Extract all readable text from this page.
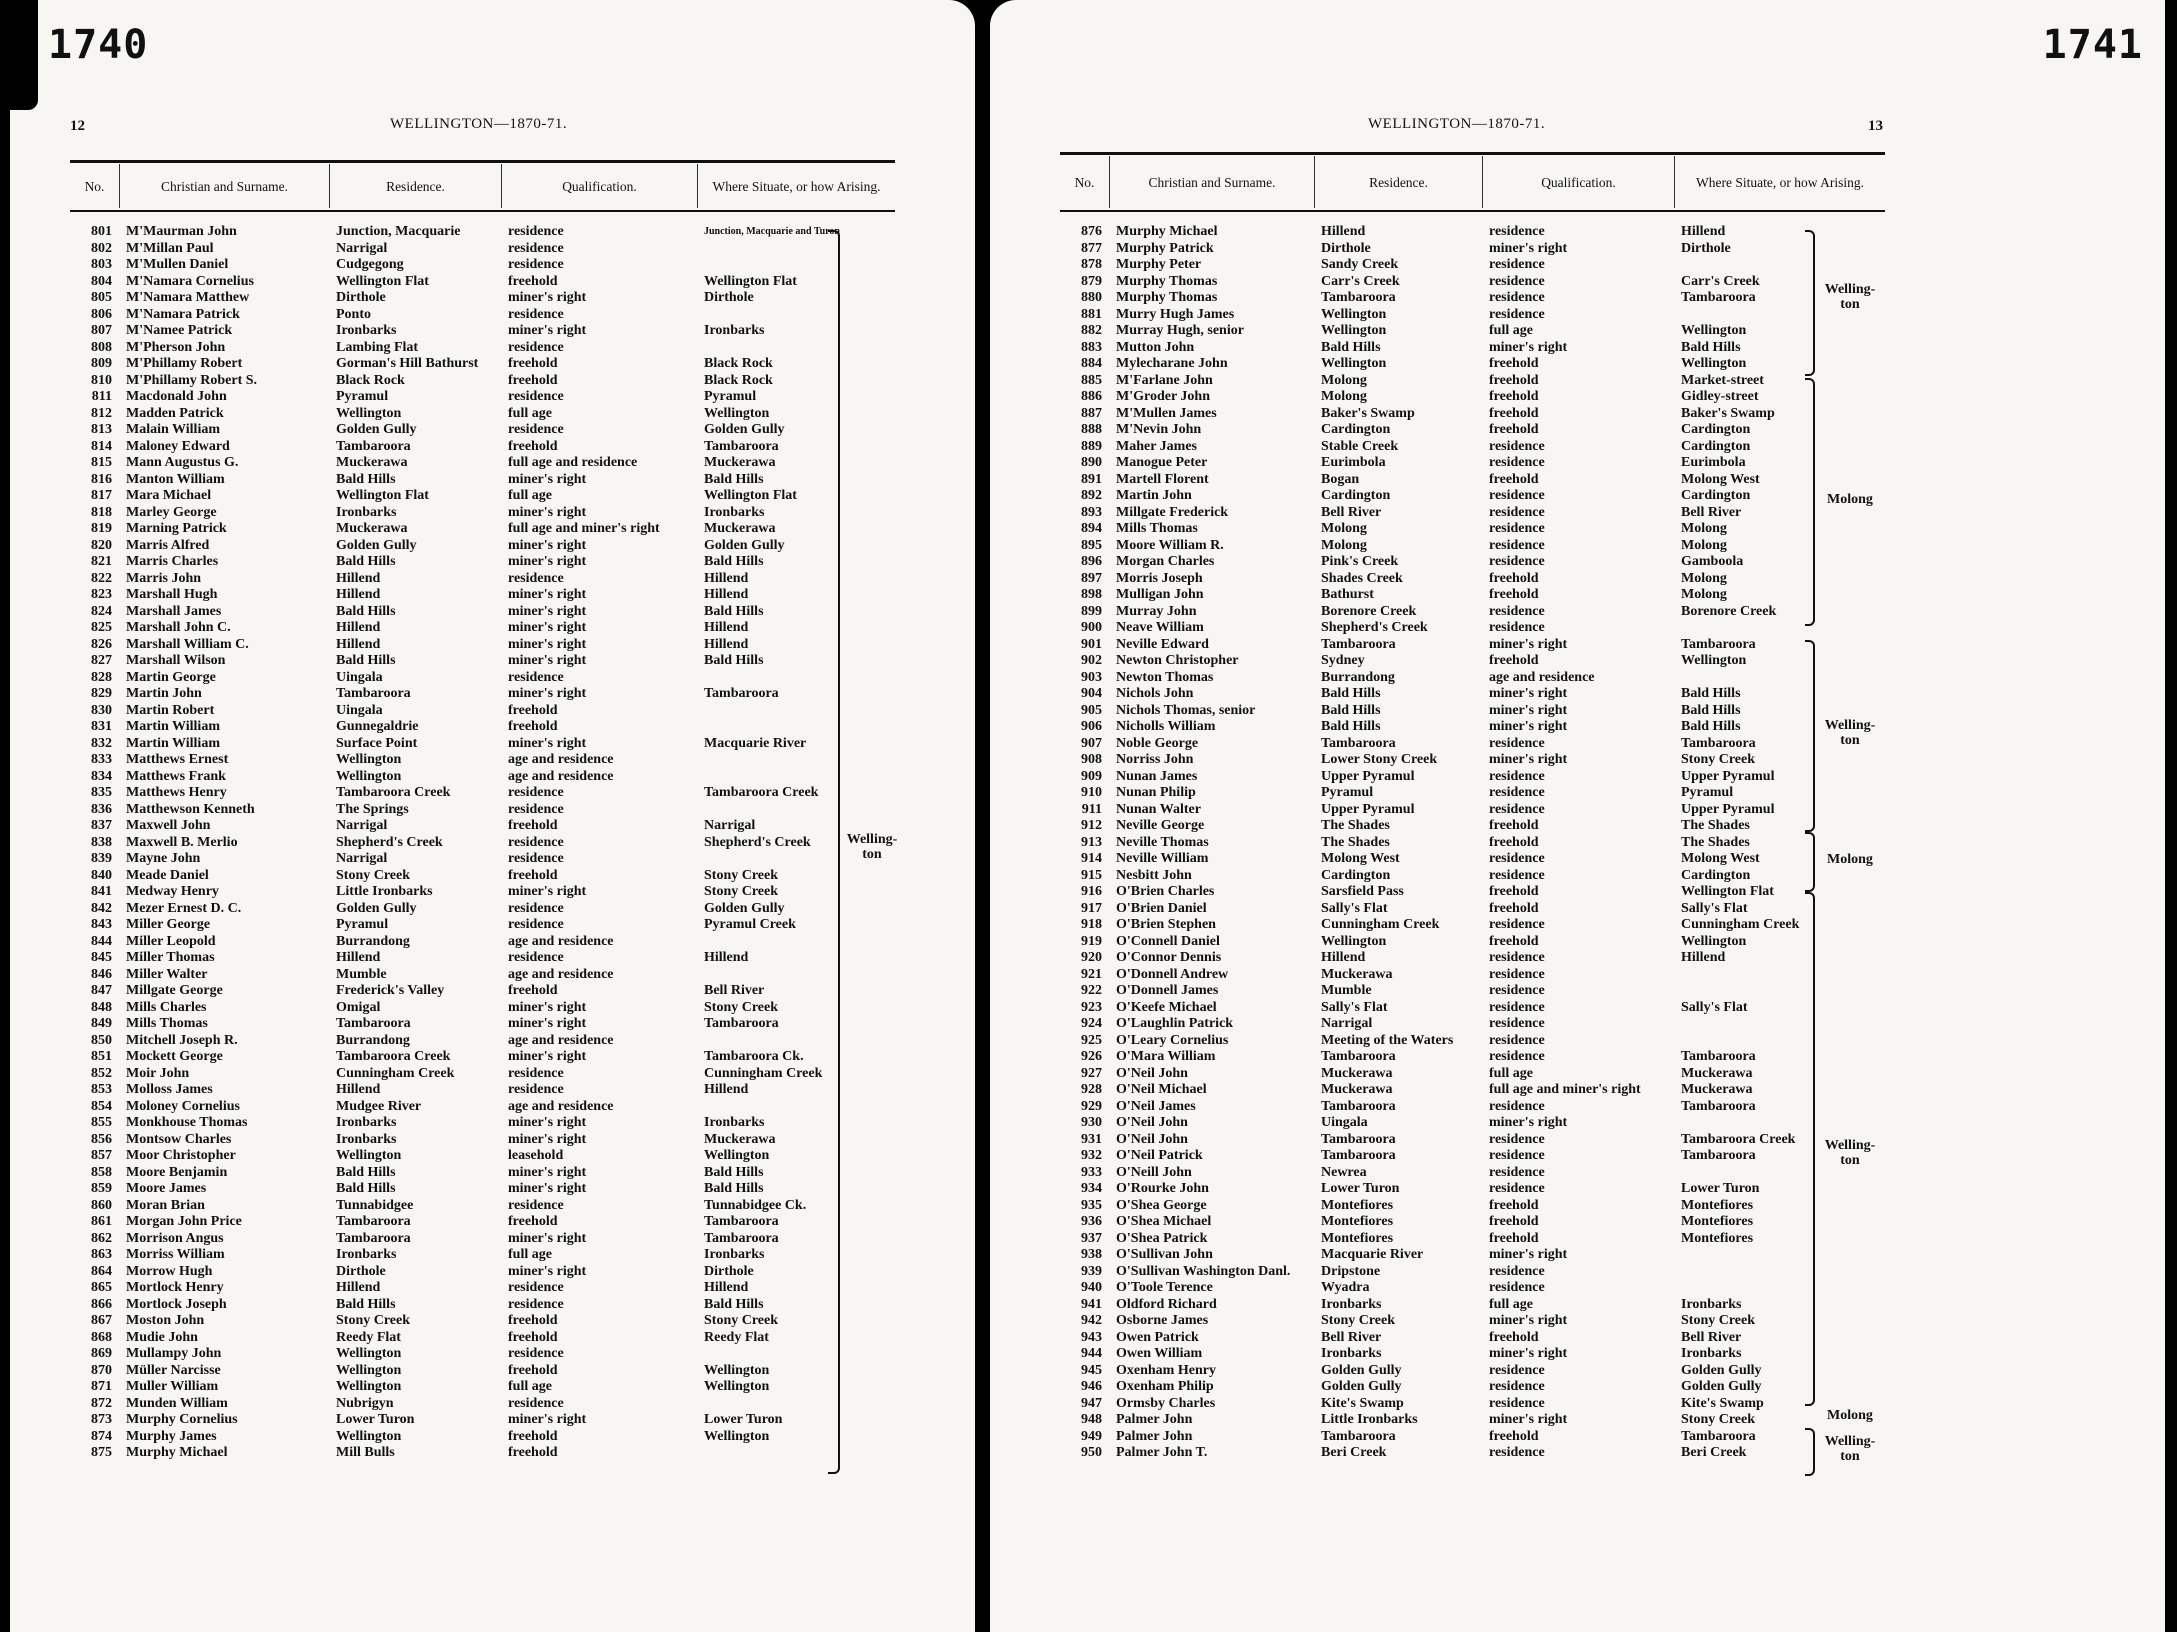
1740
12	WELLINGTON—1870-71.
No.	Christian and Surname.	Residence.	Qualification.	Where Situate, or how Arising.
801	M'Maurman John	Junction, Macquarie	residence	Junction, Macquarie and Turon
802	M'Millan Paul	Narrigal	residence
803	M'Mullen Daniel	Cudgegong	residence
804	M'Namara Cornelius	Wellington Flat	freehold	Wellington Flat
805	M'Namara Matthew	Dirthole	miner's right	Dirthole
806	M'Namara Patrick	Ponto	residence
807	M'Namee Patrick	Ironbarks	miner's right	Ironbarks
808	M'Pherson John	Lambing Flat	residence
809	M'Phillamy Robert	Gorman's Hill Bathurst	freehold	Black Rock
810	M'Phillamy Robert S.	Black Rock	freehold	Black Rock
811	Macdonald John	Pyramul	residence	Pyramul
812	Madden Patrick	Wellington	full age	Wellington
813	Malain William	Golden Gully	residence	Golden Gully
814	Maloney Edward	Tambaroora	freehold	Tambaroora
815	Mann Augustus G.	Muckerawa	full age and residence	Muckerawa
816	Manton William	Bald Hills	miner's right	Bald Hills
817	Mara Michael	Wellington Flat	full age	Wellington Flat
818	Marley George	Ironbarks	miner's right	Ironbarks
819	Marning Patrick	Muckerawa	full age and miner's right	Muckerawa
820	Marris Alfred	Golden Gully	miner's right	Golden Gully
821	Marris Charles	Bald Hills	miner's right	Bald Hills
822	Marris John	Hillend	residence	Hillend
823	Marshall Hugh	Hillend	miner's right	Hillend
824	Marshall James	Bald Hills	miner's right	Bald Hills
825	Marshall John C.	Hillend	miner's right	Hillend
826	Marshall William C.	Hillend	miner's right	Hillend
827	Marshall Wilson	Bald Hills	miner's right	Bald Hills
828	Martin George	Uingala	residence
829	Martin John	Tambaroora	miner's right	Tambaroora
830	Martin Robert	Uingala	freehold
831	Martin William	Gunnegaldrie	freehold
832	Martin William	Surface Point	miner's right	Macquarie River
833	Matthews Ernest	Wellington	age and residence
834	Matthews Frank	Wellington	age and residence
835	Matthews Henry	Tambaroora Creek	residence	Tambaroora Creek
836	Matthewson Kenneth	The Springs	residence
837	Maxwell John	Narrigal	freehold	Narrigal
838	Maxwell B. Merlio	Shepherd's Creek	residence	Shepherd's Creek
839	Mayne John	Narrigal	residence
840	Meade Daniel	Stony Creek	freehold	Stony Creek
841	Medway Henry	Little Ironbarks	miner's right	Stony Creek
842	Mezer Ernest D. C.	Golden Gully	residence	Golden Gully
843	Miller George	Pyramul	residence	Pyramul Creek
844	Miller Leopold	Burrandong	age and residence
845	Miller Thomas	Hillend	residence	Hillend
846	Miller Walter	Mumble	age and residence
847	Millgate George	Frederick's Valley	freehold	Bell River
848	Mills Charles	Omigal	miner's right	Stony Creek
849	Mills Thomas	Tambaroora	miner's right	Tambaroora
850	Mitchell Joseph R.	Burrandong	age and residence
851	Mockett George	Tambaroora Creek	miner's right	Tambaroora Ck.
852	Moir John	Cunningham Creek	residence	Cunningham Creek
853	Molloss James	Hillend	residence	Hillend
854	Moloney Cornelius	Mudgee River	age and residence
855	Monkhouse Thomas	Ironbarks	miner's right	Ironbarks
856	Montsow Charles	Ironbarks	miner's right	Muckerawa
857	Moor Christopher	Wellington	leasehold	Wellington
858	Moore Benjamin	Bald Hills	miner's right	Bald Hills
859	Moore James	Bald Hills	miner's right	Bald Hills
860	Moran Brian	Tunnabidgee	residence	Tunnabidgee Ck.
861	Morgan John Price	Tambaroora	freehold	Tambaroora
862	Morrison Angus	Tambaroora	miner's right	Tambaroora
863	Morriss William	Ironbarks	full age	Ironbarks
864	Morrow Hugh	Dirthole	miner's right	Dirthole
865	Mortlock Henry	Hillend	residence	Hillend
866	Mortlock Joseph	Bald Hills	residence	Bald Hills
867	Moston John	Stony Creek	freehold	Stony Creek
868	Mudie John	Reedy Flat	freehold	Reedy Flat
869	Mullampy John	Wellington	residence
870	Müller Narcisse	Wellington	freehold	Wellington
871	Muller William	Wellington	full age	Wellington
872	Munden William	Nubrigyn	residence
873	Murphy Cornelius	Lower Turon	miner's right	Lower Turon
874	Murphy James	Wellington	freehold	Wellington
875	Murphy Michael	Mill Bulls	freehold
Welling-ton
1741
13
WELLINGTON—1870-71.
No.	Christian and Surname.	Residence.	Qualification.	Where Situate, or how Arising.
876	Murphy Michael	Hillend	residence	Hillend
877	Murphy Patrick	Dirthole	miner's right	Dirthole
878	Murphy Peter	Sandy Creek	residence
879	Murphy Thomas	Carr's Creek	residence	Carr's Creek
880	Murphy Thomas	Tambaroora	residence	Tambaroora
881	Murry Hugh James	Wellington	residence
882	Murray Hugh, senior	Wellington	full age	Wellington
883	Mutton John	Bald Hills	miner's right	Bald Hills
884	Mylecharane John	Wellington	freehold	Wellington
885	M'Farlane John	Molong	freehold	Market-street
886	M'Groder John	Molong	freehold	Gidley-street
887	M'Mullen James	Baker's Swamp	freehold	Baker's Swamp
888	M'Nevin John	Cardington	freehold	Cardington
889	Maher James	Stable Creek	residence	Cardington
890	Manogue Peter	Eurimbola	residence	Eurimbola
891	Martell Florent	Bogan	freehold	Molong West
892	Martin John	Cardington	residence	Cardington
893	Millgate Frederick	Bell River	residence	Bell River
894	Mills Thomas	Molong	residence	Molong
895	Moore William R.	Molong	residence	Molong
896	Morgan Charles	Pink's Creek	residence	Gamboola
897	Morris Joseph	Shades Creek	freehold	Molong
898	Mulligan John	Bathurst	freehold	Molong
899	Murray John	Borenore Creek	residence	Borenore Creek
900	Neave William	Shepherd's Creek	residence
901	Neville Edward	Tambaroora	miner's right	Tambaroora
902	Newton Christopher	Sydney	freehold	Wellington
903	Newton Thomas	Burrandong	age and residence
904	Nichols John	Bald Hills	miner's right	Bald Hills
905	Nichols Thomas, senior	Bald Hills	miner's right	Bald Hills
906	Nicholls William	Bald Hills	miner's right	Bald Hills
907	Noble George	Tambaroora	residence	Tambaroora
908	Norriss John	Lower Stony Creek	miner's right	Stony Creek
909	Nunan James	Upper Pyramul	residence	Upper Pyramul
910	Nunan Philip	Pyramul	residence	Pyramul
911	Nunan Walter	Upper Pyramul	residence	Upper Pyramul
912	Neville George	The Shades	freehold	The Shades
913	Neville Thomas	The Shades	freehold	The Shades
914	Neville William	Molong West	residence	Molong West
915	Nesbitt John	Cardington	residence	Cardington
916	O'Brien Charles	Sarsfield Pass	freehold	Wellington Flat
917	O'Brien Daniel	Sally's Flat	freehold	Sally's Flat
918	O'Brien Stephen	Cunningham Creek	residence	Cunningham Creek
919	O'Connell Daniel	Wellington	freehold	Wellington
920	O'Connor Dennis	Hillend	residence	Hillend
921	O'Donnell Andrew	Muckerawa	residence
922	O'Donnell James	Mumble	residence
923	O'Keefe Michael	Sally's Flat	residence	Sally's Flat
924	O'Laughlin Patrick	Narrigal	residence
925	O'Leary Cornelius	Meeting of the Waters	residence
926	O'Mara William	Tambaroora	residence	Tambaroora
927	O'Neil John	Muckerawa	full age	Muckerawa
928	O'Neil Michael	Muckerawa	full age and miner's right	Muckerawa
929	O'Neil James	Tambaroora	residence	Tambaroora
930	O'Neil John	Uingala	miner's right
931	O'Neil John	Tambaroora	residence	Tambaroora Creek
932	O'Neil Patrick	Tambaroora	residence	Tambaroora
933	O'Neill John	Newrea	residence
934	O'Rourke John	Lower Turon	residence	Lower Turon
935	O'Shea George	Montefiores	freehold	Montefiores
936	O'Shea Michael	Montefiores	freehold	Montefiores
937	O'Shea Patrick	Montefiores	freehold	Montefiores
938	O'Sullivan John	Macquarie River	miner's right
939	O'Sullivan Washington Danl.	Dripstone	residence
940	O'Toole Terence	Wyadra	residence
941	Oldford Richard	Ironbarks	full age	Ironbarks
942	Osborne James	Stony Creek	miner's right	Stony Creek
943	Owen Patrick	Bell River	freehold	Bell River
944	Owen William	Ironbarks	miner's right	Ironbarks
945	Oxenham Henry	Golden Gully	residence	Golden Gully
946	Oxenham Philip	Golden Gully	residence	Golden Gully
947	Ormsby Charles	Kite's Swamp	residence	Kite's Swamp
948	Palmer John	Little Ironbarks	miner's right	Stony Creek
949	Palmer John	Tambaroora	freehold	Tambaroora
950	Palmer John T.	Beri Creek	residence	Beri Creek
Welling-ton
Molong
Welling-ton
Molong
Welling-ton
Molong
Welling-ton
